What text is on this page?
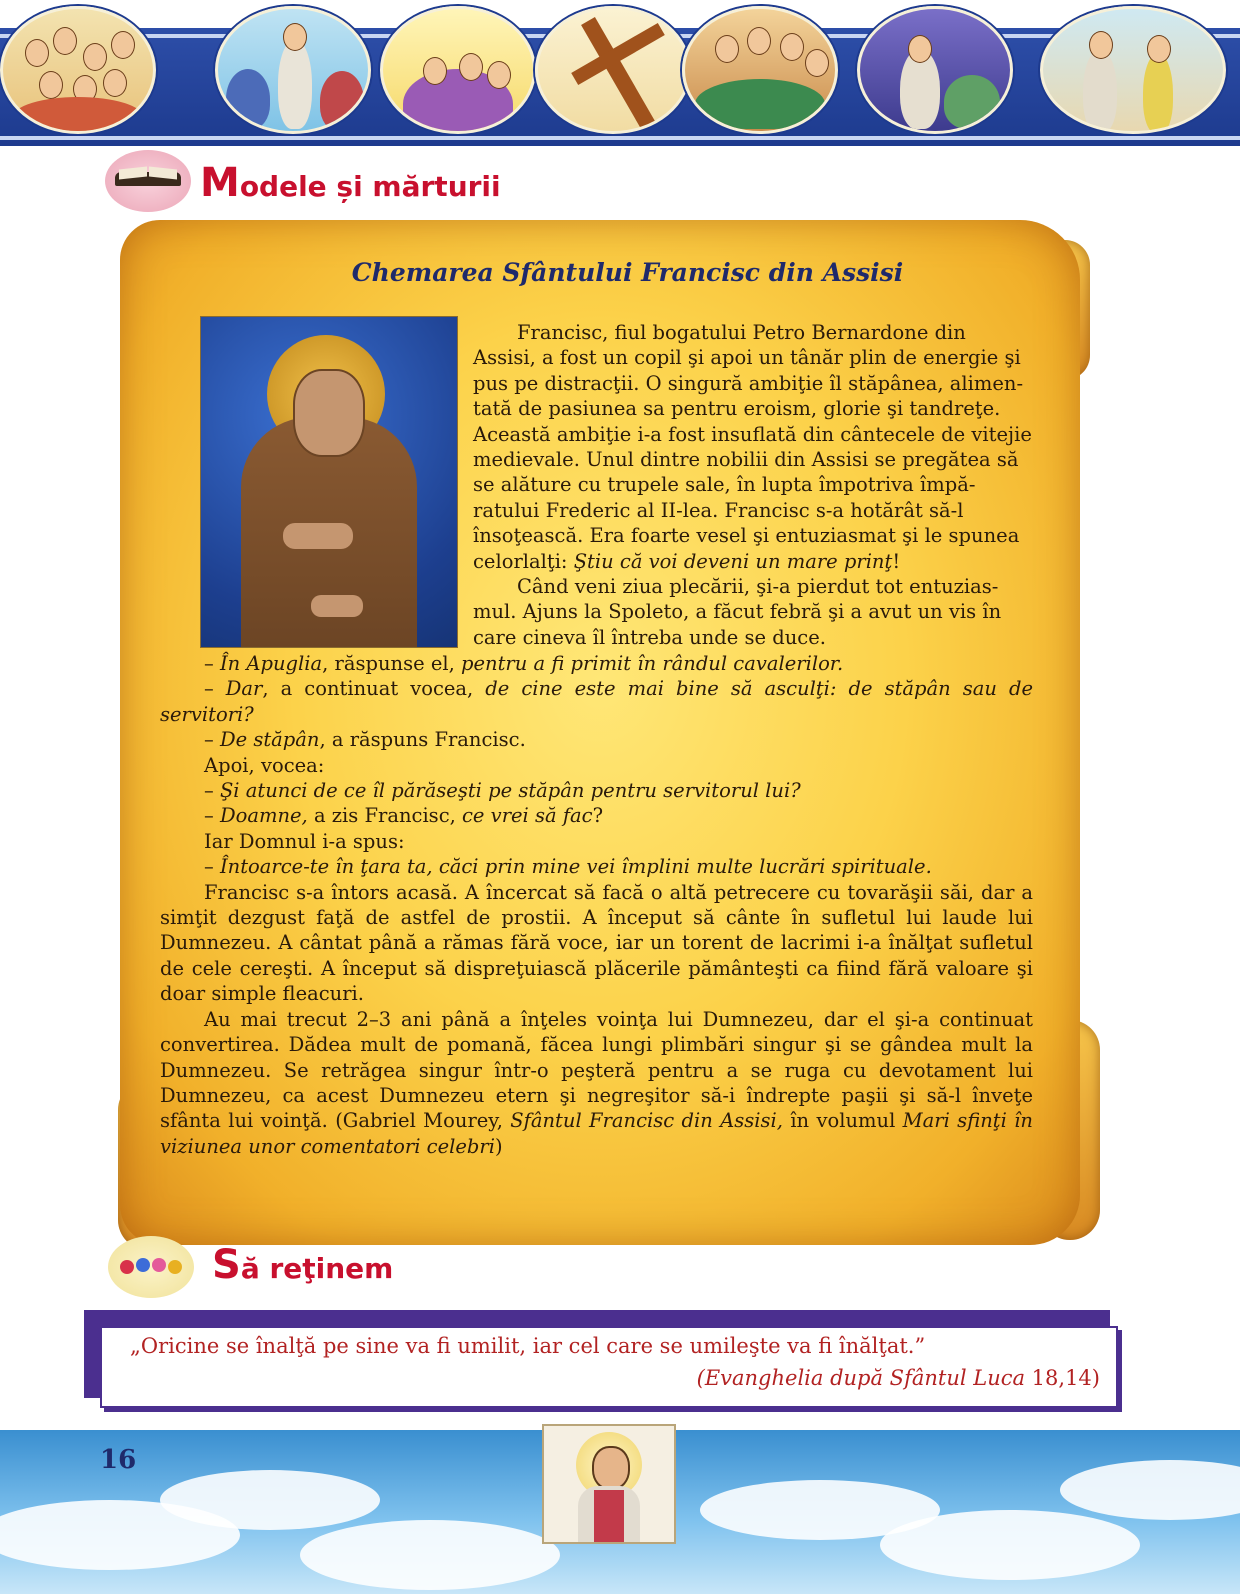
Modele și mărturii
Chemarea Sfântului Francisc din Assisi

Francisc, fiul bogatului Petro Bernardone din

Assisi, a fost un copil şi apoi un tânăr plin de energie şi

pus pe distracţii. O singură ambiţie îl stăpânea, alimen-

tată de pasiunea sa pentru eroism, glorie şi tandreţe.

Această ambiţie i-a fost insuflată din cântecele de vitejie

medievale. Unul dintre nobilii din Assisi se pregătea să

se alăture cu trupele sale, în lupta împotriva împă-

ratului Frederic al II-lea. Francisc s-a hotărât să-l

însoţească. Era foarte vesel şi entuziasmat şi le spunea

celorlalţi: Ştiu că voi deveni un mare prinţ!

Când veni ziua plecării, şi-a pierdut tot entuzias-

mul. Ajuns la Spoleto, a făcut febră şi a avut un vis în

care cineva îl întreba unde se duce.

– În Apuglia, răspunse el, pentru a fi primit în rândul cavalerilor.

– Dar, a continuat vocea, de cine este mai bine să asculţi: de stăpân sau de servitori?

– De stăpân, a răspuns Francisc.

Apoi, vocea:

– Şi atunci de ce îl părăseşti pe stăpân pentru servitorul lui?

– Doamne, a zis Francisc, ce vrei să fac?

Iar Domnul i-a spus:

– Întoarce-te în ţara ta, căci prin mine vei împlini multe lucrări spirituale.

Francisc s-a întors acasă. A încercat să facă o altă petrecere cu tovarăşii săi, dar a simţit dezgust faţă de astfel de prostii. A început să cânte în sufletul lui laude lui Dumnezeu. A cântat până a rămas fără voce, iar un torent de lacrimi i-a înălţat sufletul de cele cereşti. A început să dispreţuiască plăcerile pământeşti ca fiind fără valoare şi doar simple fleacuri.

Au mai trecut 2–3 ani până a înţeles voinţa lui Dumnezeu, dar el şi-a continuat convertirea. Dădea mult de pomană, făcea lungi plimbări singur şi se gândea mult la Dumnezeu. Se retrăgea singur într-o peşteră pentru a se ruga cu devotament lui Dumnezeu, ca acest Dumnezeu etern şi negreşitor să-i îndrepte paşii şi să-l înveţe sfânta lui voinţă. (Gabriel Mourey, Sfântul Francisc din Assisi, în volumul Mari sfinţi în viziunea unor comentatori celebri)

Să reţinem
„Oricine se înalţă pe sine va fi umilit, iar cel care se umileşte va fi înălţat.”
(Evanghelia după Sfântul Luca 18,14)
16
